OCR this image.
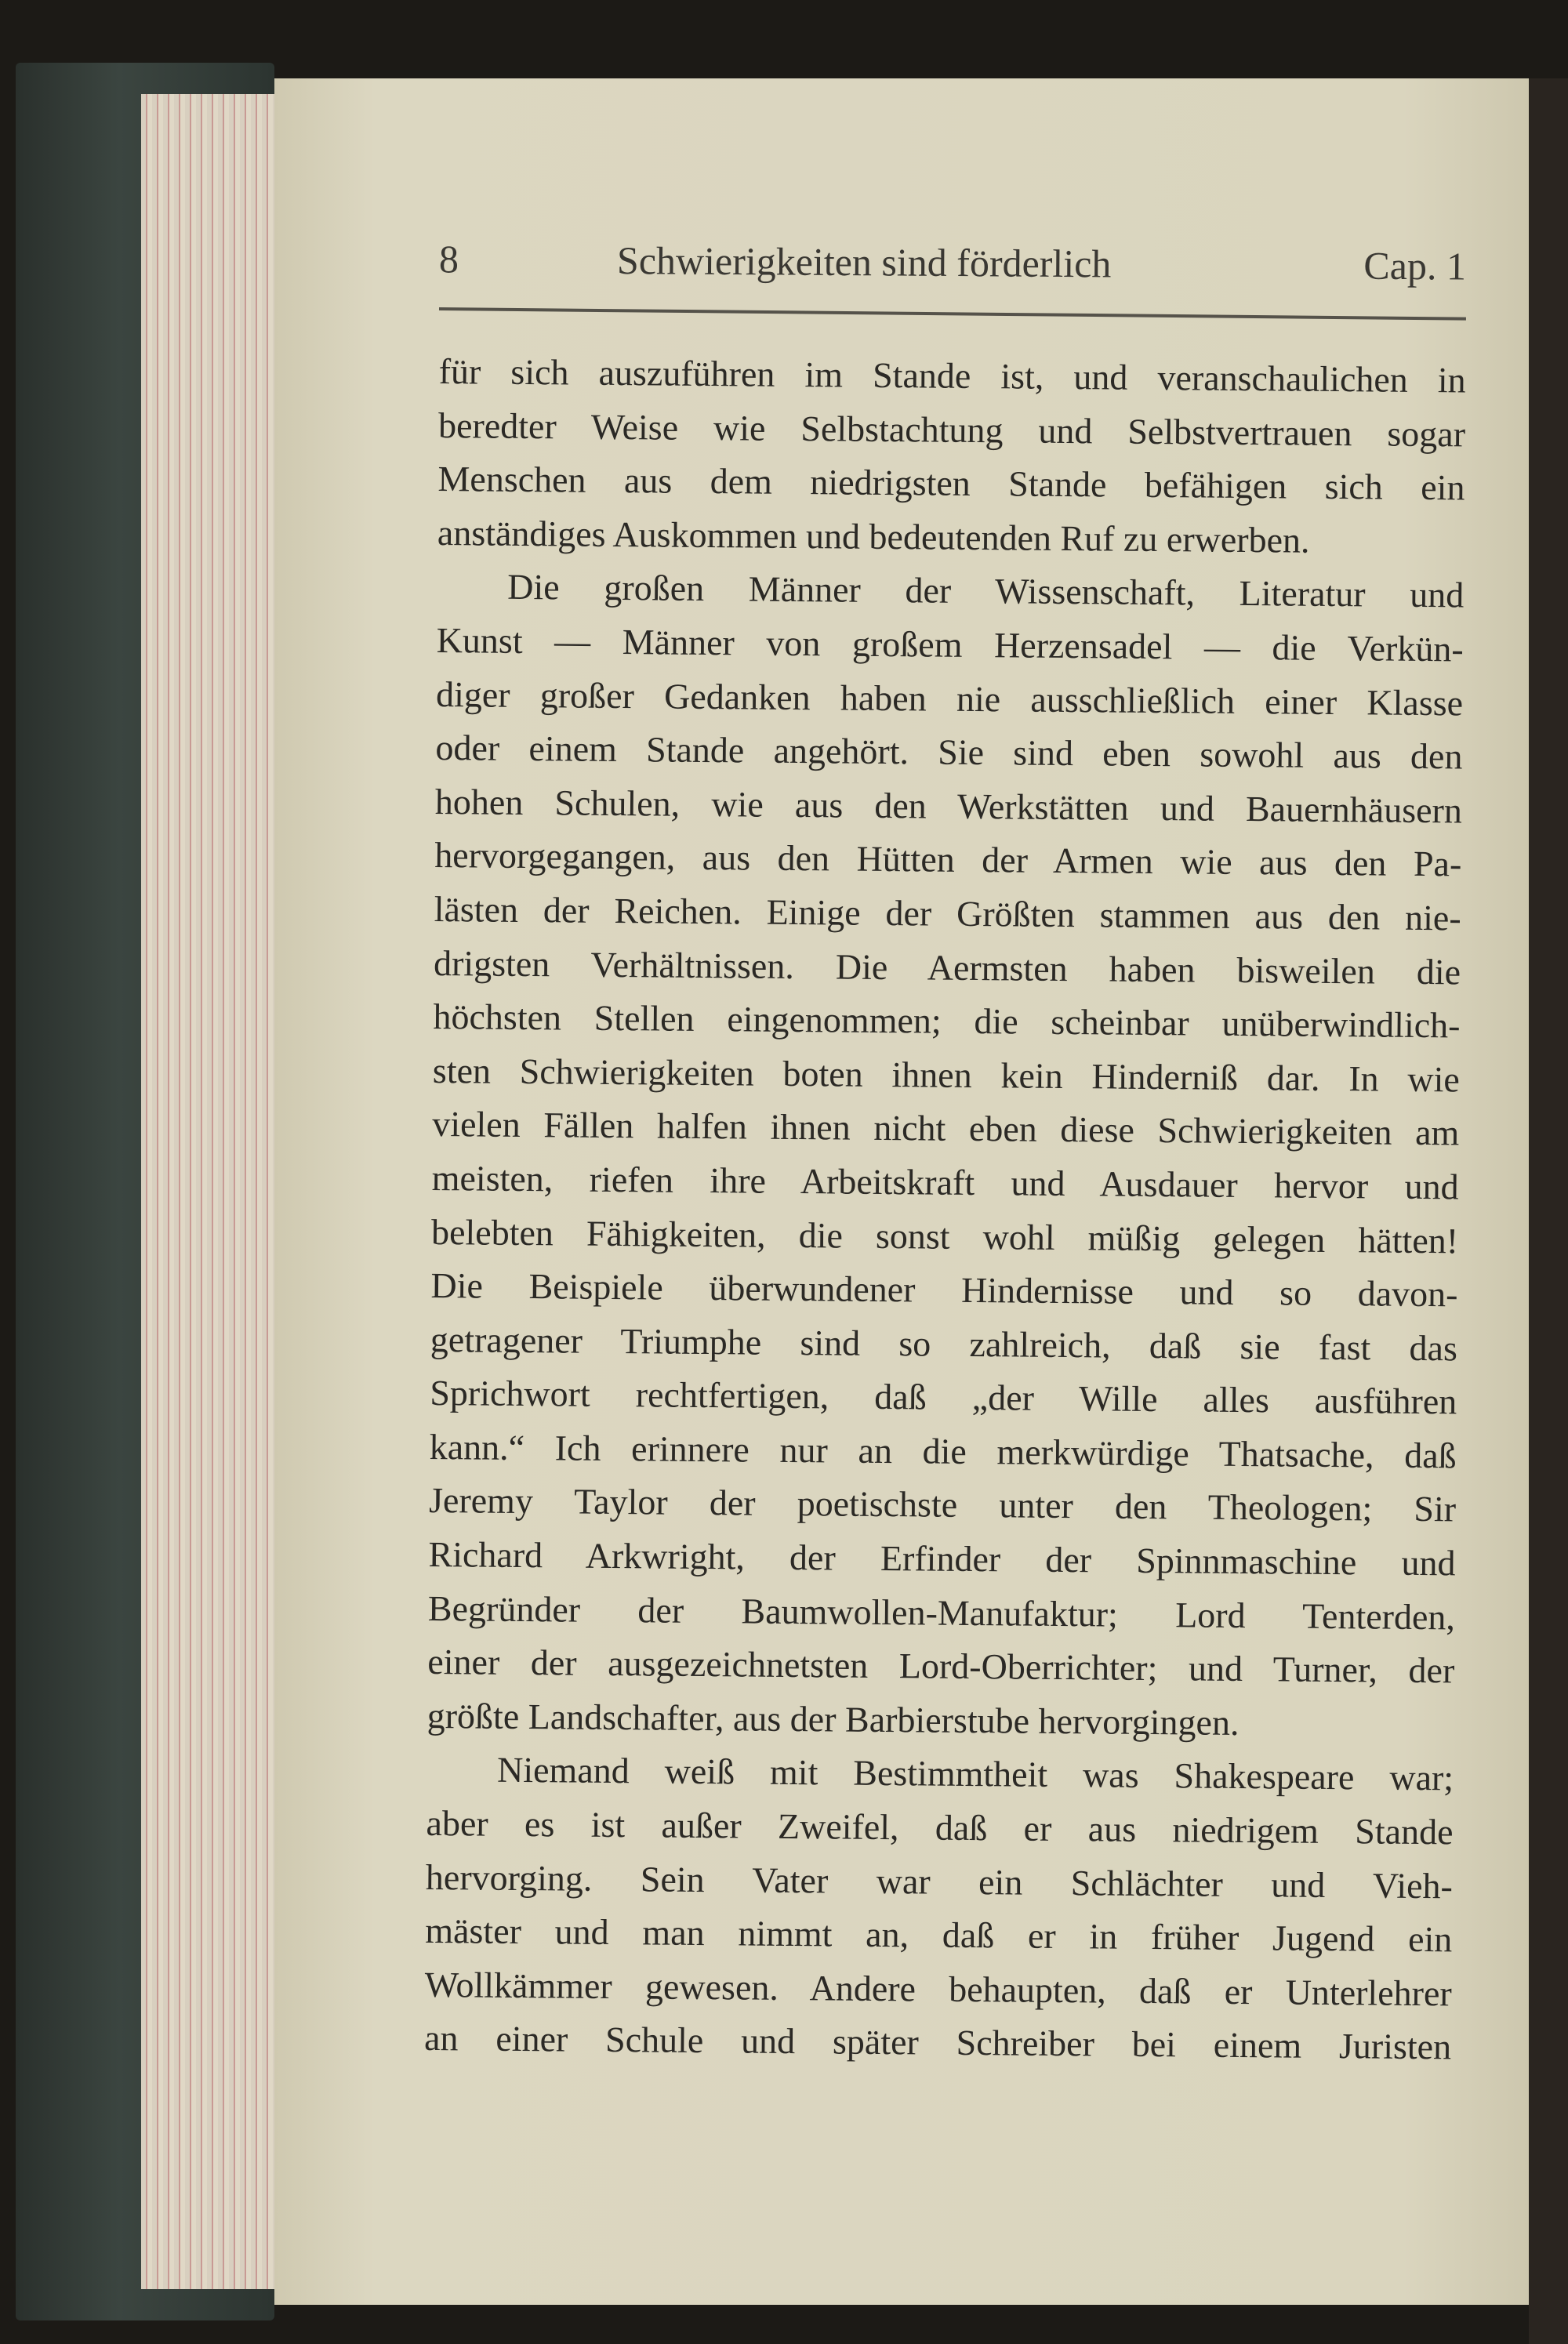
8	Schwierigkeiten sind förderlich	Cap. 1
für sich auszuführen im Stande ist, und veranschaulichen in
beredter Weise wie Selbstachtung und Selbstvertrauen sogar
Menschen aus dem niedrigsten Stande befähigen sich ein
anständiges Auskommen und bedeutenden Ruf zu erwerben.
Die großen Männer der Wissenschaft, Literatur und
Kunst — Männer von großem Herzensadel — die Verkün-
diger großer Gedanken haben nie ausschließlich einer Klasse
oder einem Stande angehört. Sie sind eben sowohl aus den
hohen Schulen, wie aus den Werkstätten und Bauernhäusern
hervorgegangen, aus den Hütten der Armen wie aus den Pa-
lästen der Reichen. Einige der Größten stammen aus den nie-
drigsten Verhältnissen. Die Aermsten haben bisweilen die
höchsten Stellen eingenommen; die scheinbar unüberwindlich-
sten Schwierigkeiten boten ihnen kein Hinderniß dar. In wie
vielen Fällen halfen ihnen nicht eben diese Schwierigkeiten am
meisten, riefen ihre Arbeitskraft und Ausdauer hervor und
belebten Fähigkeiten, die sonst wohl müßig gelegen hätten!
Die Beispiele überwundener Hindernisse und so davon-
getragener Triumphe sind so zahlreich, daß sie fast das
Sprichwort rechtfertigen, daß „der Wille alles ausführen
kann.“ Ich erinnere nur an die merkwürdige Thatsache, daß
Jeremy Taylor der poetischste unter den Theologen; Sir
Richard Arkwright, der Erfinder der Spinnmaschine und
Begründer der Baumwollen-Manufaktur; Lord Tenterden,
einer der ausgezeichnetsten Lord-Oberrichter; und Turner, der
größte Landschafter, aus der Barbierstube hervorgingen.
Niemand weiß mit Bestimmtheit was Shakespeare war;
aber es ist außer Zweifel, daß er aus niedrigem Stande
hervorging. Sein Vater war ein Schlächter und Vieh-
mäster und man nimmt an, daß er in früher Jugend ein
Wollkämmer gewesen. Andere behaupten, daß er Unterlehrer
an einer Schule und später Schreiber bei einem Juristen
